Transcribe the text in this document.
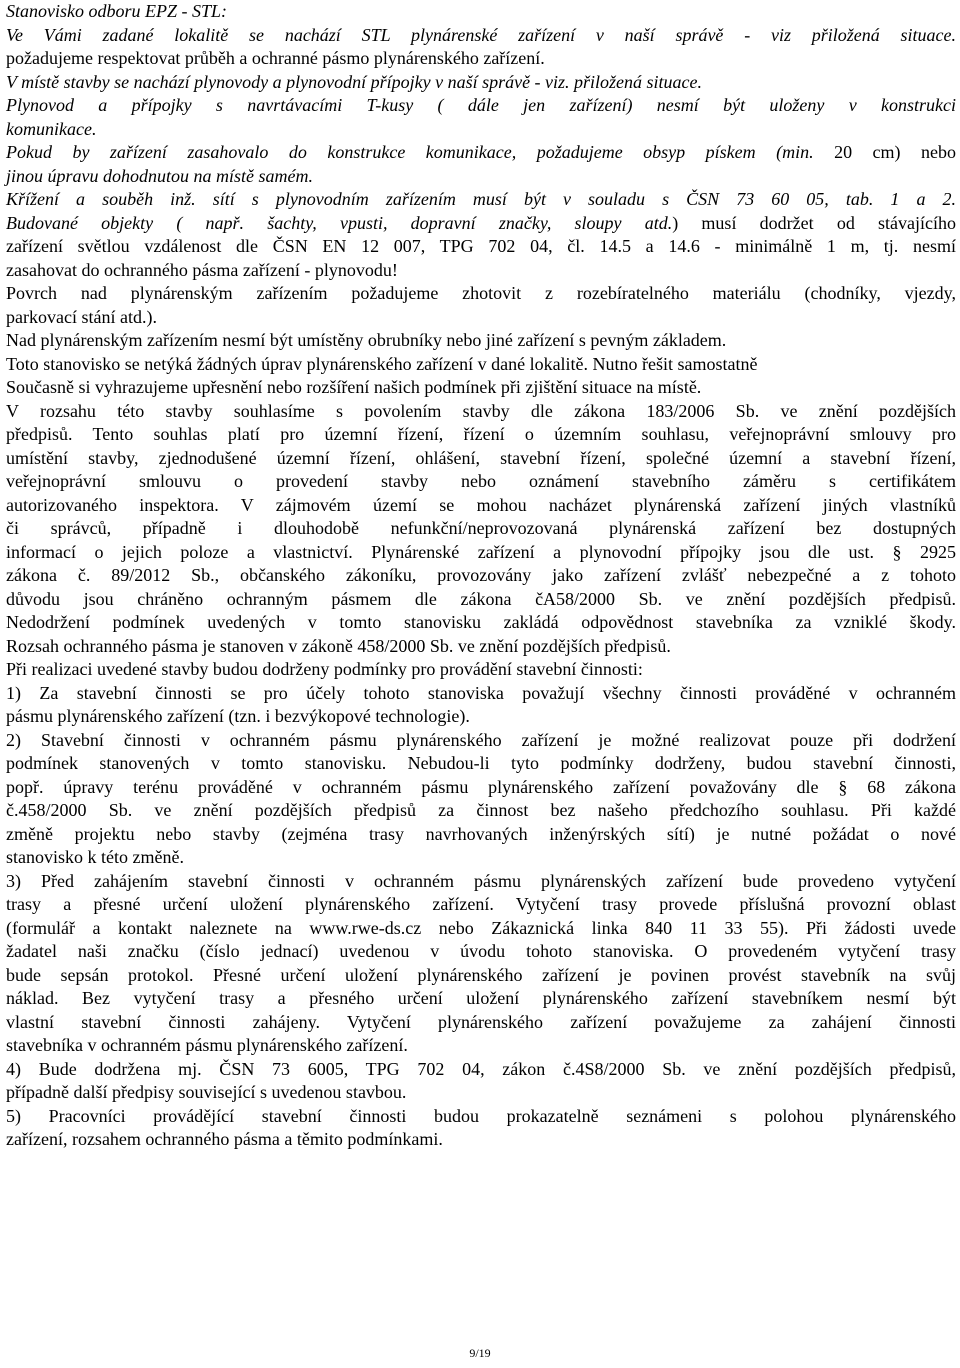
Stanovisko odboru EPZ - STL:
Ve Vámi zadané lokalitě se nachází STL plynárenské zařízení v naší správě - viz přiložená situace.
požadujeme respektovat průběh a ochranné pásmo plynárenského zařízení.
V místě stavby se nachází plynovody a plynovodní přípojky v naší správě - viz. přiložená situace.
Plynovod a přípojky s navrtávacími T-kusy ( dále jen zařízení) nesmí být uloženy v konstrukci
komunikace.
Pokud by zařízení zasahovalo do konstrukce komunikace, požadujeme obsyp pískem (min. 20 cm) nebo
jinou úpravu dohodnutou na místě samém.
Křížení a souběh inž. sítí s plynovodním zařízením musí být v souladu s ČSN 73 60 05, tab. 1 a 2.
Budované objekty ( např. šachty, vpusti, dopravní značky, sloupy atd.) musí dodržet od stávajícího
zařízení světlou vzdálenost dle ČSN EN 12 007, TPG 702 04, čl. 14.5 a 14.6 - minimálně 1 m, tj. nesmí
zasahovat do ochranného pásma zařízení - plynovodu!
Povrch nad plynárenským zařízením požadujeme zhotovit z rozebíratelného materiálu (chodníky, vjezdy,
parkovací stání atd.).
Nad plynárenským zařízením nesmí být umístěny obrubníky nebo jiné zařízení s pevným základem.
Toto stanovisko se netýká žádných úprav plynárenského zařízení v dané lokalitě. Nutno řešit samostatně
Současně si vyhrazujeme upřesnění nebo rozšíření našich podmínek při zjištění situace na místě.
V rozsahu této stavby souhlasíme s povolením stavby dle zákona 183/2006 Sb. ve znění pozdějších
předpisů. Tento souhlas platí pro územní řízení, řízení o územním souhlasu, veřejnoprávní smlouvy pro
umístění stavby, zjednodušené územní řízení, ohlášení, stavební řízení, společné územní a stavební řízení,
veřejnoprávní smlouvu o provedení stavby nebo oznámení stavebního záměru s certifikátem
autorizovaného inspektora. V zájmovém území se mohou nacházet plynárenská zařízení jiných vlastníků
či správců, případně i dlouhodobě nefunkční/neprovozovaná plynárenská zařízení bez dostupných
informací o jejich poloze a vlastnictví. Plynárenské zařízení a plynovodní přípojky jsou dle ust. § 2925
zákona č. 89/2012 Sb., občanského zákoníku, provozovány jako zařízení zvlášť nebezpečné a z tohoto
důvodu jsou chráněno ochranným pásmem dle zákona čA58/2000 Sb. ve znění pozdějších předpisů.
Nedodržení podmínek uvedených v tomto stanovisku zakládá odpovědnost stavebníka za vzniklé škody.
Rozsah ochranného pásma je stanoven v zákoně 458/2000 Sb. ve znění pozdějších předpisů.
Při realizaci uvedené stavby budou dodrženy podmínky pro provádění stavební činnosti:
1) Za stavební činnosti se pro účely tohoto stanoviska považují všechny činnosti prováděné v ochranném
pásmu plynárenského zařízení (tzn. i bezvýkopové technologie).
2) Stavební činnosti v ochranném pásmu plynárenského zařízení je možné realizovat pouze při dodržení
podmínek stanovených v tomto stanovisku. Nebudou-li tyto podmínky dodrženy, budou stavební činnosti,
popř. úpravy terénu prováděné v ochranném pásmu plynárenského zařízení považovány dle § 68 zákona
č.458/2000 Sb. ve znění pozdějších předpisů za činnost bez našeho předchozího souhlasu. Při každé
změně projektu nebo stavby (zejména trasy navrhovaných inženýrských sítí) je nutné požádat o nové
stanovisko k této změně.
3) Před zahájením stavební činnosti v ochranném pásmu plynárenských zařízení bude provedeno vytyčení
trasy a přesné určení uložení plynárenského zařízení. Vytyčení trasy provede příslušná provozní oblast
(formulář a kontakt naleznete na www.rwe-ds.cz nebo Zákaznická linka 840 11 33 55). Při žádosti uvede
žadatel naši značku (číslo jednací) uvedenou v úvodu tohoto stanoviska. O provedeném vytyčení trasy
bude sepsán protokol. Přesné určení uložení plynárenského zařízení je povinen provést stavebník na svůj
náklad. Bez vytyčení trasy a přesného určení uložení plynárenského zařízení stavebníkem nesmí být
vlastní stavební činnosti zahájeny. Vytyčení plynárenského zařízení považujeme za zahájení činnosti
stavebníka v ochranném pásmu plynárenského zařízení.
4) Bude dodržena mj. ČSN 73 6005, TPG 702 04, zákon č.4S8/2000 Sb. ve znění pozdějších předpisů,
případně další předpisy související s uvedenou stavbou.
5) Pracovníci provádějící stavební činnosti budou prokazatelně seznámeni s polohou plynárenského
zařízení, rozsahem ochranného pásma a těmito podmínkami.
9/19
